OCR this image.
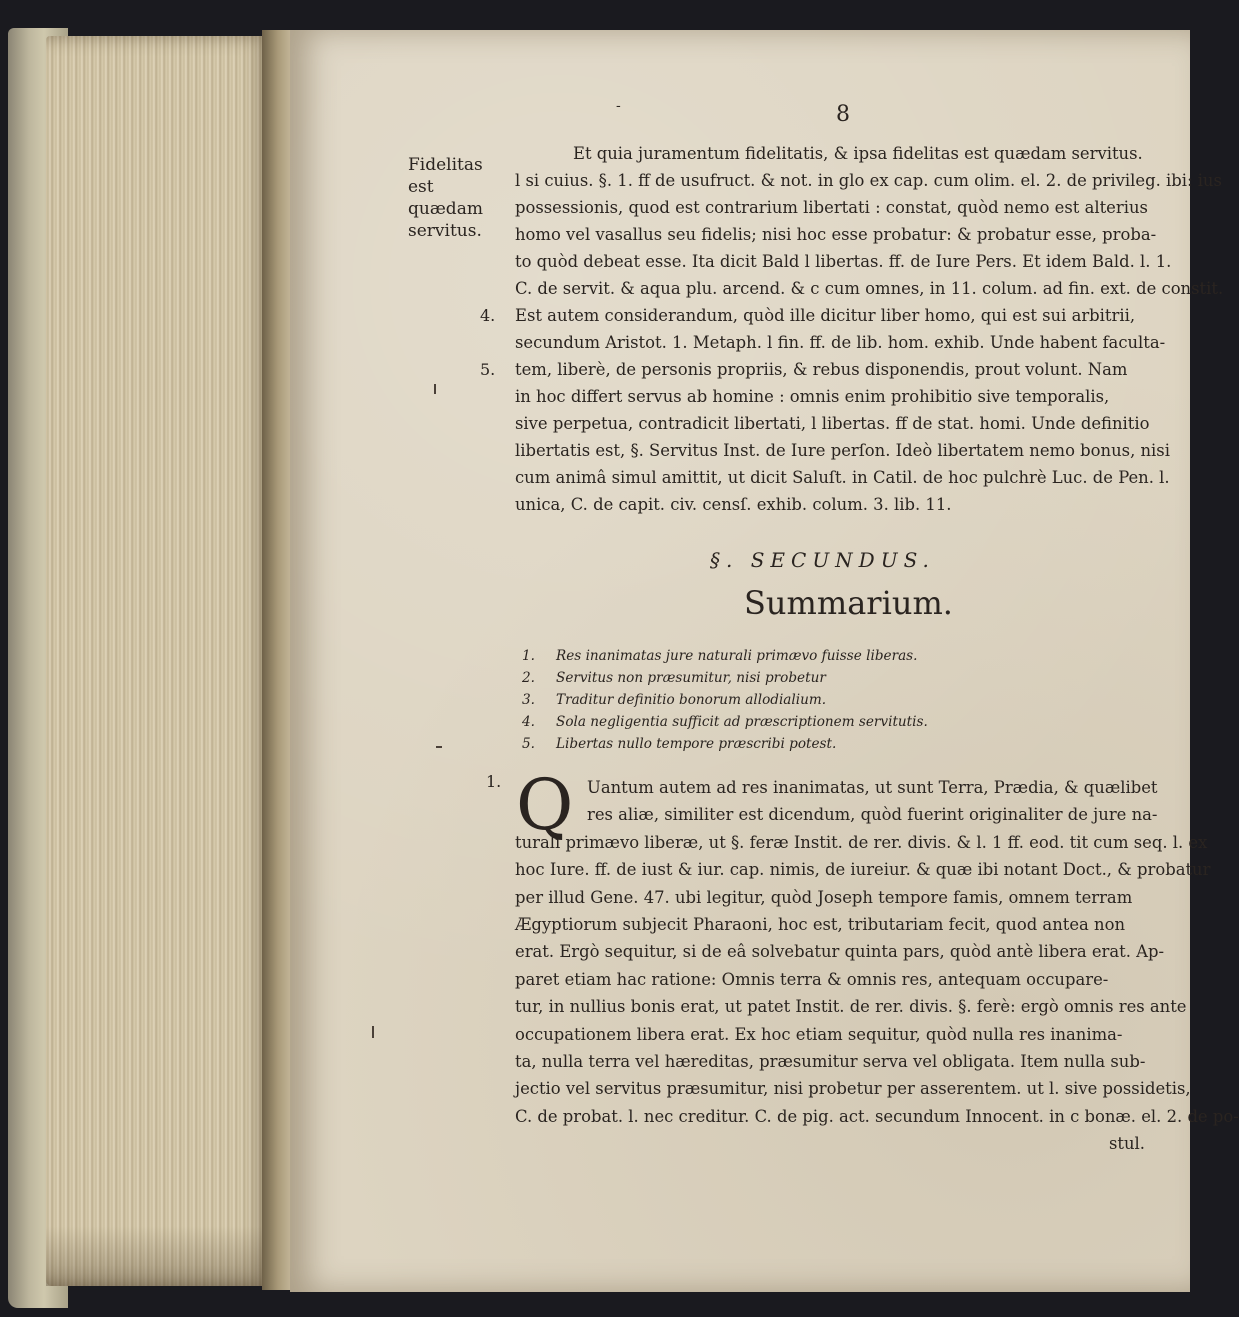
-	8
Fidelitas est
quædam
servitus.
4.
5.
1.
Et quia juramentum fidelitatis, & ipsa fidelitas est quædam servitus.
l si cuius. §. 1. ff de usufruct. & not. in glo ex cap. cum olim. el. 2. de privileg. ibi: ius
possessionis, quod est contrarium libertati : constat, quòd nemo est alterius
homo vel vasallus seu fidelis; nisi hoc esse probatur: & probatur esse, proba-
to quòd debeat esse. Ita dicit Bald l libertas. ff. de Iure Pers. Et idem Bald. l. 1.
C. de servit. & aqua plu. arcend. & c cum omnes, in 11. colum. ad fin. ext. de constit.
Est autem considerandum, quòd ille dicitur liber homo, qui est sui arbitrii,
secundum Aristot. 1. Metaph. l fin. ff. de lib. hom. exhib. Unde habent faculta-
tem, liberè, de personis propriis, & rebus disponendis, prout volunt. Nam
in hoc differt servus ab homine : omnis enim prohibitio sive temporalis,
sive perpetua, contradicit libertati, l libertas. ff de stat. homi. Unde definitio
libertatis est, §. Servitus Inst. de Iure perſon. Ideò libertatem nemo bonus, nisi
cum animâ simul amittit, ut dicit Saluſt. in Catil. de hoc pulchrè Luc. de Pen. l.
unica, C. de capit. civ. censſ. exhib. colum. 3. lib. 11.
§. SECUNDUS.
Summarium.
1.	Res inanimatas jure naturali primævo fuisse liberas.
2.	Servitus non præsumitur, nisi probetur
3.	Traditur definitio bonorum allodialium.
4.	Sola negligentia sufficit ad præscriptionem servitutis.
5.	Libertas nullo tempore præscribi potest.
Q Uantum autem ad res inanimatas, ut sunt Terra, Prædia, & quælibet
res aliæ, similiter est dicendum, quòd fuerint originaliter de jure na-
turali primævo liberæ, ut §. feræ Instit. de rer. divis. & l. 1 ff. eod. tit cum seq. l. ex
hoc Iure. ff. de iust & iur. cap. nimis, de iureiur. & quæ ibi notant Doct., & probatur
per illud Gene. 47. ubi legitur, quòd Joseph tempore famis, omnem terram
Ægyptiorum subjecit Pharaoni, hoc est, tributariam fecit, quod antea non
erat. Ergò sequitur, si de eâ solvebatur quinta pars, quòd antè libera erat. Ap-
paret etiam hac ratione: Omnis terra & omnis res, antequam occupare-
tur, in nullius bonis erat, ut patet Instit. de rer. divis. §. ferè: ergò omnis res ante
occupationem libera erat. Ex hoc etiam sequitur, quòd nulla res inanima-
ta, nulla terra vel hæreditas, præsumitur serva vel obligata. Item nulla sub-
jectio vel servitus præsumitur, nisi probetur per asserentem. ut l. sive possidetis,
C. de probat. l. nec creditur. C. de pig. act. secundum Innocent. in c bonæ. el. 2. de po-
stul.
